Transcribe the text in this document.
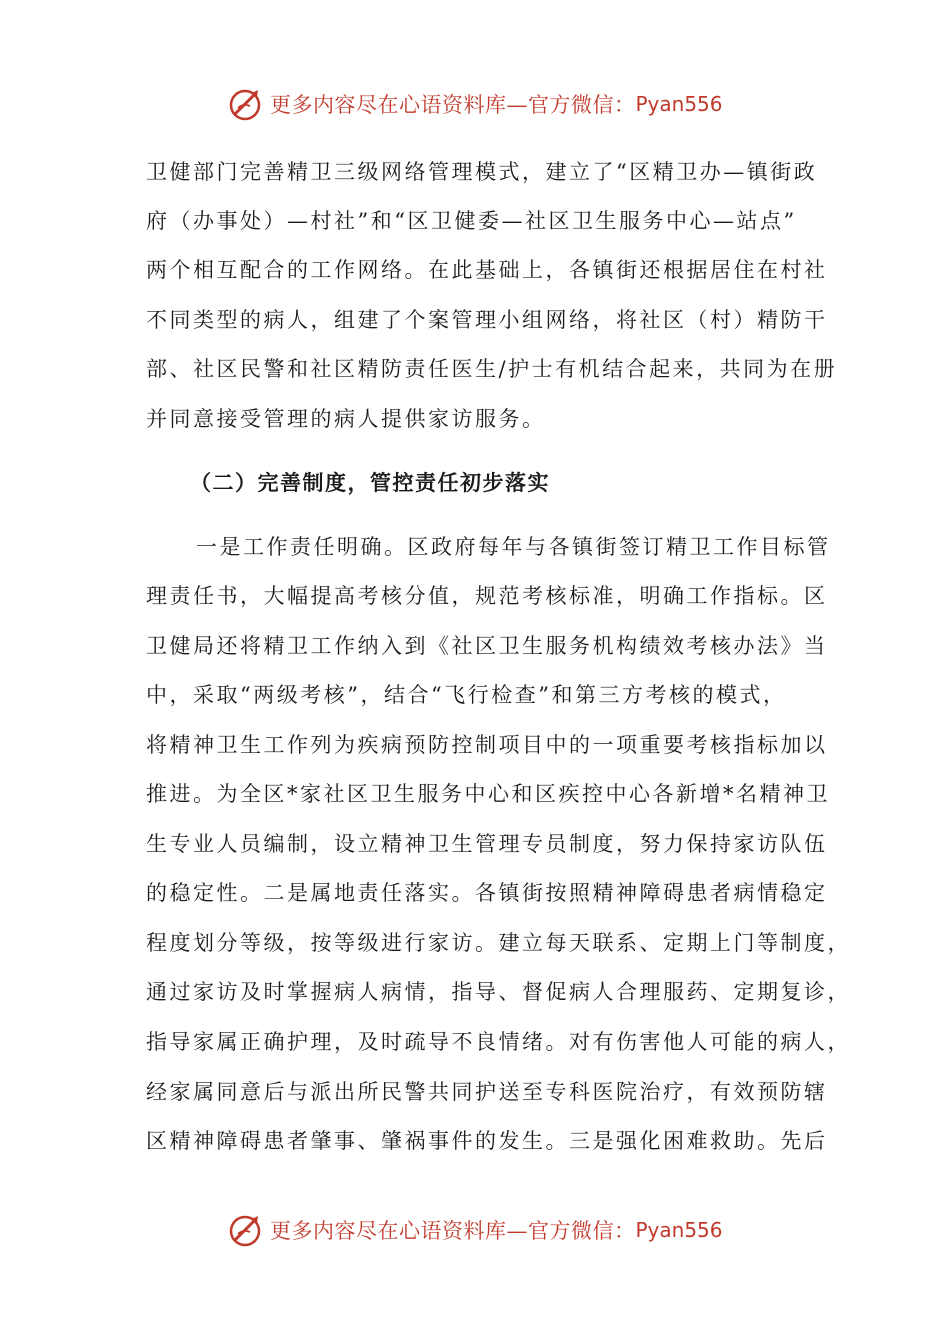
更多内容尽在心语资料库—官方微信： Pyan556
卫健部门完善精卫三级网络管理模式，建立了“区精卫办—镇街政
府（办事处）—村社”和“区卫健委—社区卫生服务中心—站点”
两个相互配合的工作网络。在此基础上，各镇街还根据居住在村社
不同类型的病人，组建了个案管理小组网络，将社区（村）精防干
部、社区民警和社区精防责任医生/护士有机结合起来，共同为在册
并同意接受管理的病人提供家访服务。
（二）完善制度，管控责任初步落实
一是工作责任明确。区政府每年与各镇街签订精卫工作目标管
理责任书，大幅提高考核分值，规范考核标准，明确工作指标。区
卫健局还将精卫工作纳入到《社区卫生服务机构绩效考核办法》当
中，采取“两级考核”，结合“飞行检查”和第三方考核的模式，
将精神卫生工作列为疾病预防控制项目中的一项重要考核指标加以
推进。为全区*家社区卫生服务中心和区疾控中心各新增*名精神卫
生专业人员编制，设立精神卫生管理专员制度，努力保持家访队伍
的稳定性。二是属地责任落实。各镇街按照精神障碍患者病情稳定
程度划分等级，按等级进行家访。建立每天联系、定期上门等制度，
通过家访及时掌握病人病情，指导、督促病人合理服药、定期复诊，
指导家属正确护理，及时疏导不良情绪。对有伤害他人可能的病人，
经家属同意后与派出所民警共同护送至专科医院治疗，有效预防辖
区精神障碍患者肇事、肇祸事件的发生。三是强化困难救助。先后
更多内容尽在心语资料库—官方微信： Pyan556
